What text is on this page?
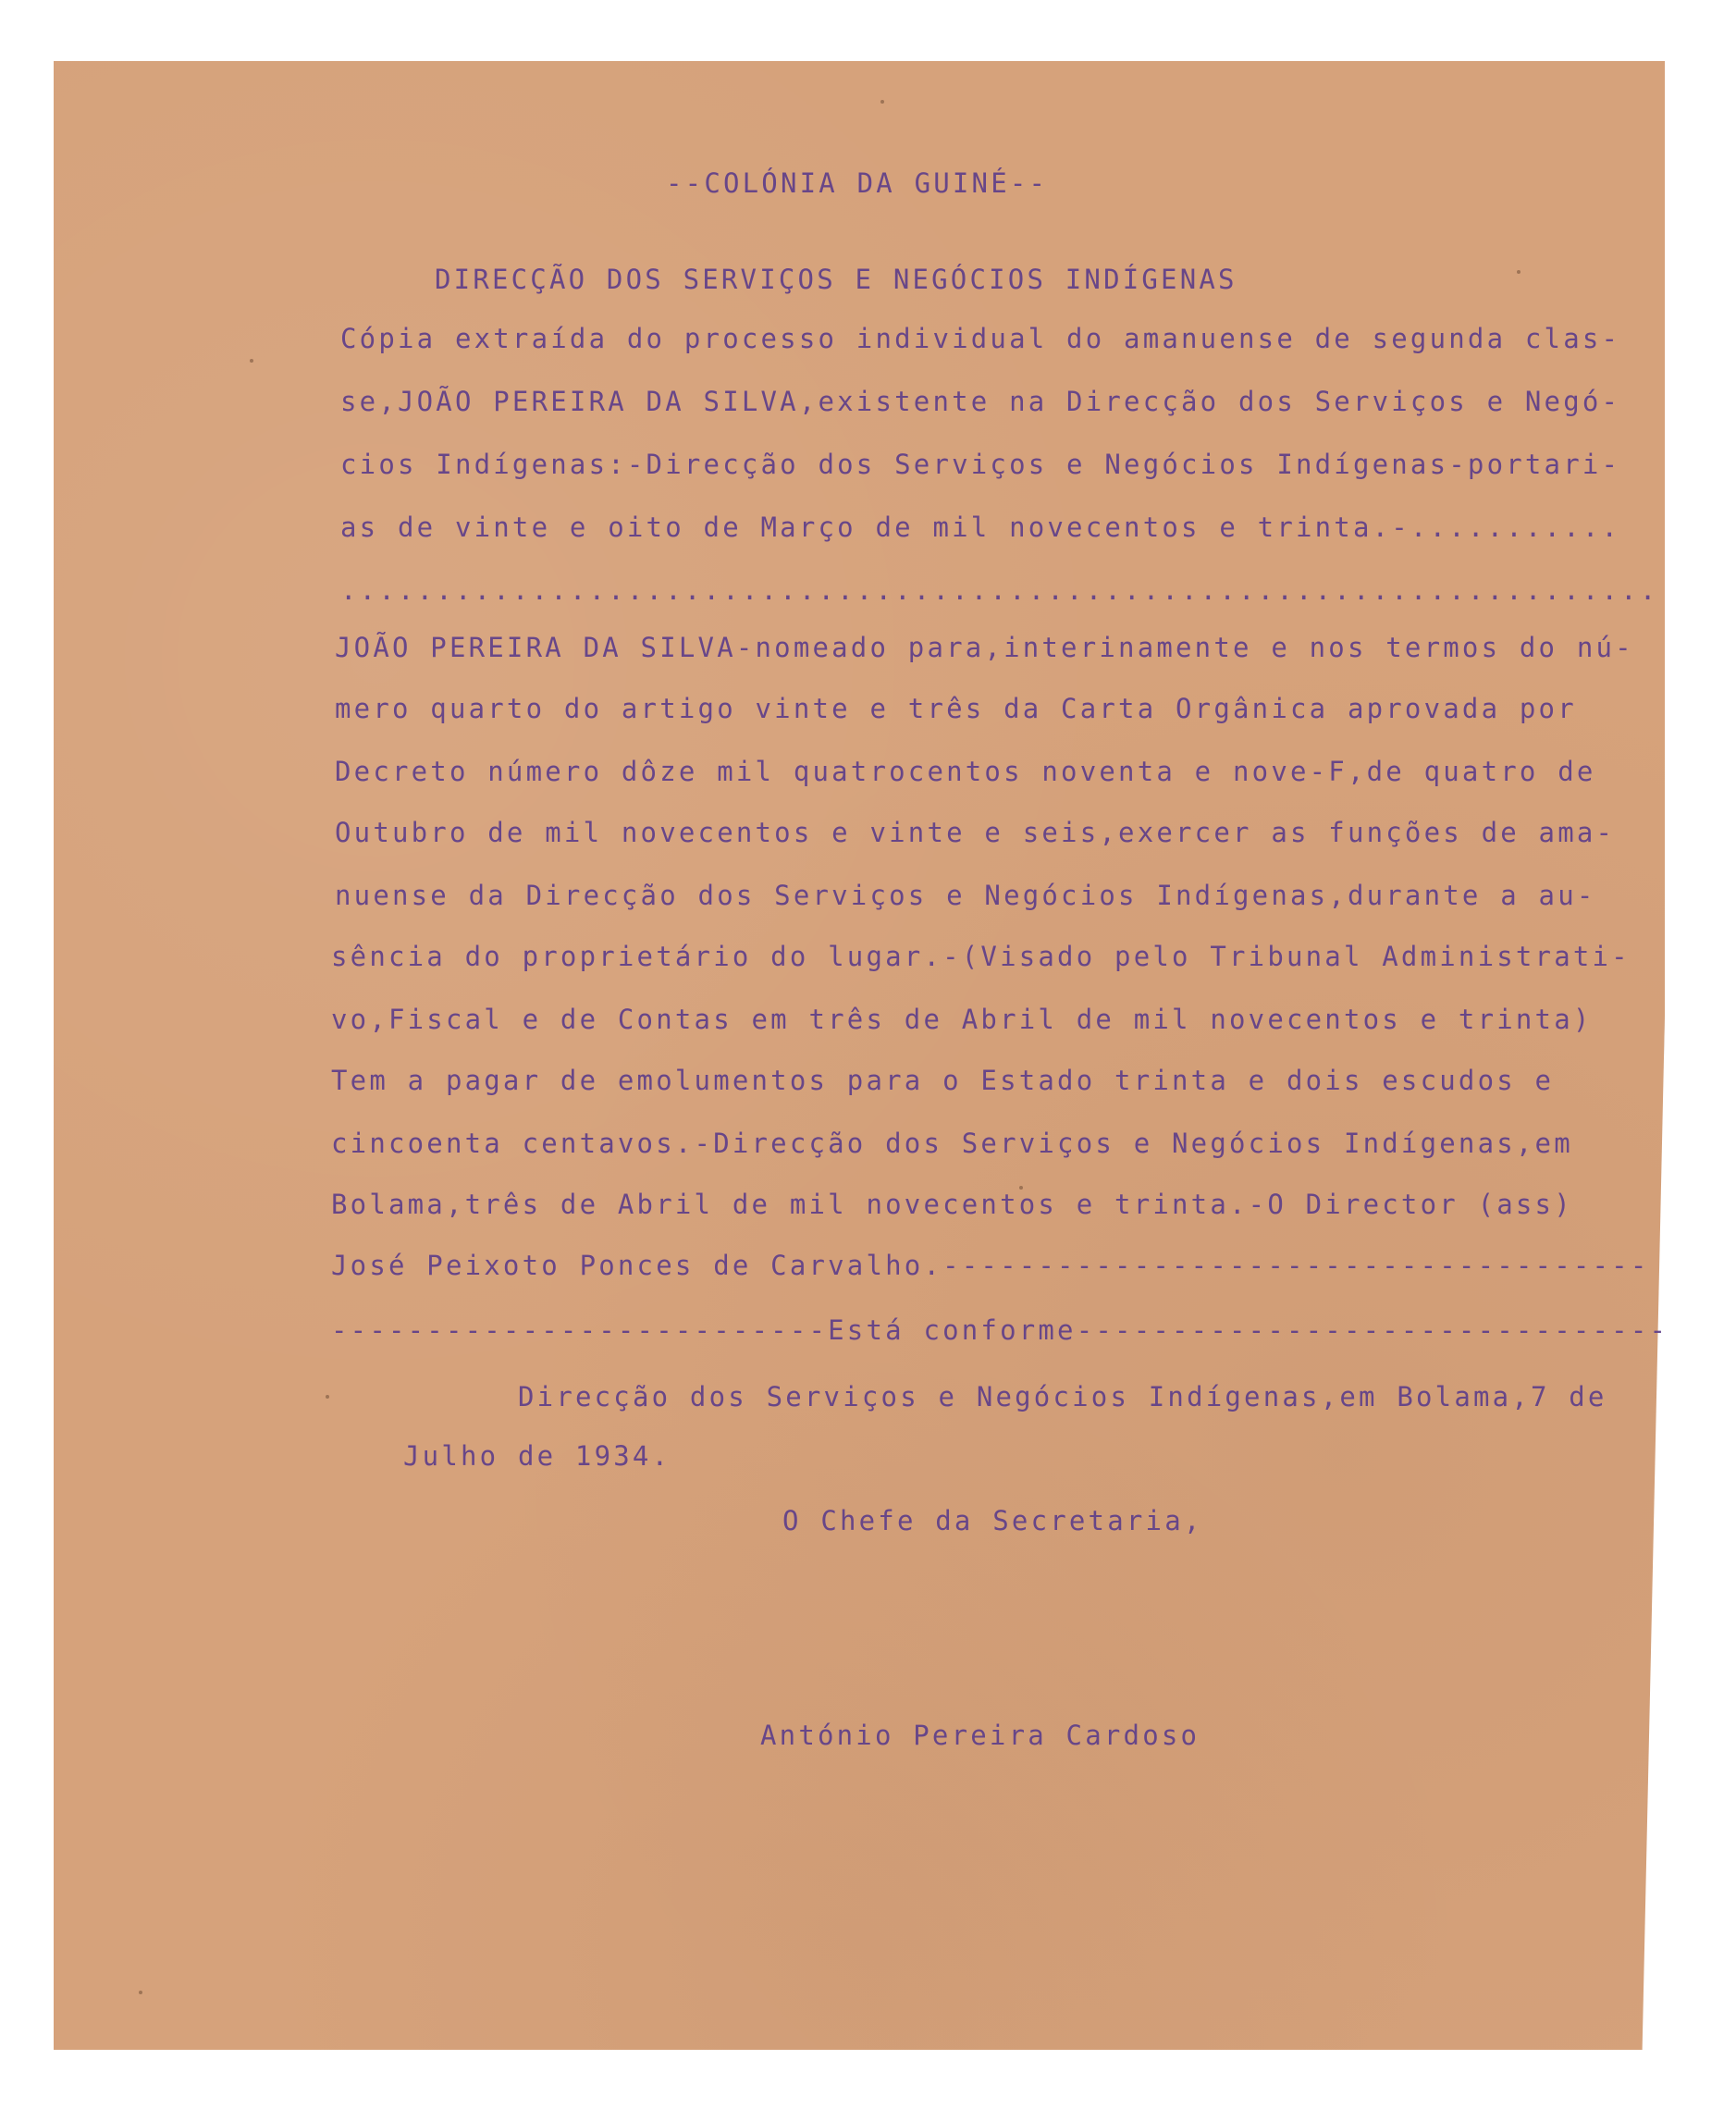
--COLÓNIA DA GUINÉ--
DIRECÇÃO DOS SERVIÇOS E NEGÓCIOS INDÍGENAS
Cópia extraída do processo individual do amanuense de segunda clas-
se,JOÃO PEREIRA DA SILVA,existente na Direcção dos Serviços e Negó-
cios Indígenas:-Direcção dos Serviços e Negócios Indígenas-portari-
as de vinte e oito de Março de mil novecentos e trinta.-...........
.....................................................................
JOÃO PEREIRA DA SILVA-nomeado para,interinamente e nos termos do nú-
mero quarto do artigo vinte e três da Carta Orgânica aprovada por
Decreto número dôze mil quatrocentos noventa e nove-F,de quatro de
Outubro de mil novecentos e vinte e seis,exercer as funções de ama-
nuense da Direcção dos Serviços e Negócios Indígenas,durante a au-
sência do proprietário do lugar.-(Visado pelo Tribunal Administrati-
vo,Fiscal e de Contas em três de Abril de mil novecentos e trinta)
Tem a pagar de emolumentos para o Estado trinta e dois escudos e
cincoenta centavos.-Direcção dos Serviços e Negócios Indígenas,em
Bolama,três de Abril de mil novecentos e trinta.-O Director (ass)
José Peixoto Ponces de Carvalho.-------------------------------------
--------------------------Está conforme-------------------------------
Direcção dos Serviços e Negócios Indígenas,em Bolama,7 de
Julho de 1934.
O Chefe da Secretaria,
António Pereira Cardoso
